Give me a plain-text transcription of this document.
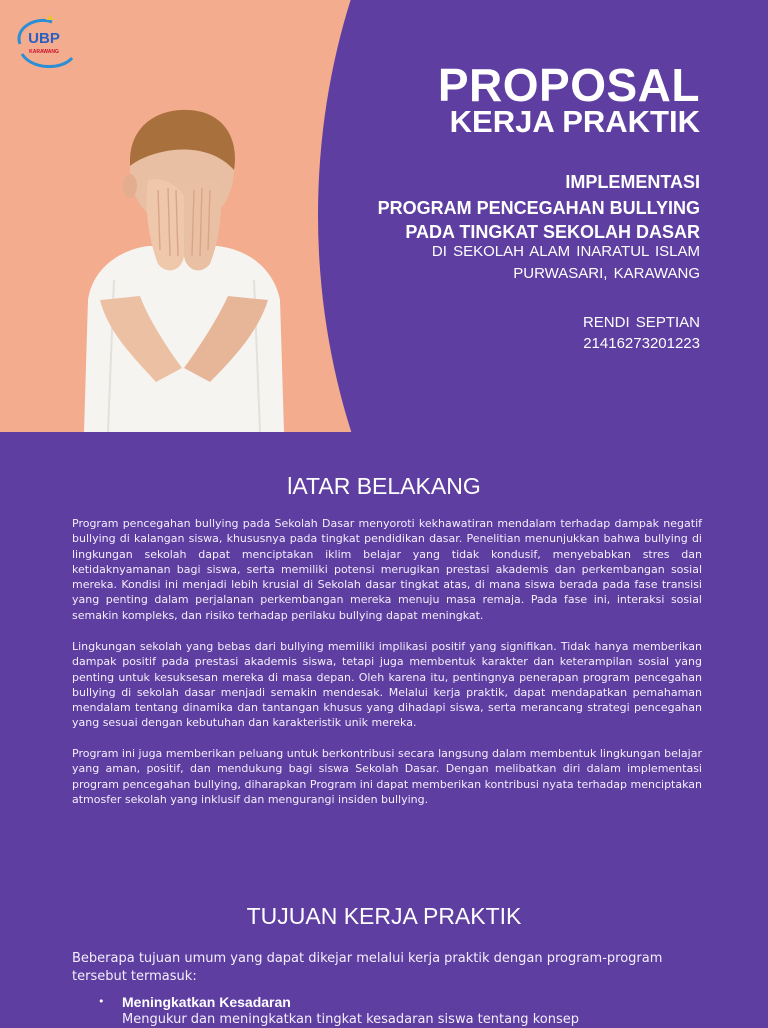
UBP
KARAWANG
PROPOSAL
KERJA PRAKTIK
IMPLEMENTASI
PROGRAM PENCEGAHAN BULLYING
PADA TINGKAT SEKOLAH DASAR
DI SEKOLAH ALAM INARATUL ISLAM
PURWASARI, KARAWANG
RENDI SEPTIAN
21416273201223
lATAR BELAKANG
Program pencegahan bullying pada Sekolah Dasar menyoroti kekhawatiran mendalam terhadap dampak negatif bullying di kalangan siswa, khususnya pada tingkat pendidikan dasar. Penelitian menunjukkan bahwa bullying di lingkungan sekolah dapat menciptakan iklim belajar yang tidak kondusif, menyebabkan stres dan ketidaknyamanan bagi siswa, serta memiliki potensi merugikan prestasi akademis dan perkembangan sosial mereka. Kondisi ini menjadi lebih krusial di Sekolah dasar tingkat atas, di mana siswa berada pada fase transisi yang penting dalam perjalanan perkembangan mereka menuju masa remaja. Pada fase ini, interaksi sosial semakin kompleks, dan risiko terhadap perilaku bullying dapat meningkat.
Lingkungan sekolah yang bebas dari bullying memiliki implikasi positif yang signifikan. Tidak hanya memberikan dampak positif pada prestasi akademis siswa, tetapi juga membentuk karakter dan keterampilan sosial yang penting untuk kesuksesan mereka di masa depan. Oleh karena itu, pentingnya penerapan program pencegahan bullying di sekolah dasar menjadi semakin mendesak. Melalui kerja praktik, dapat mendapatkan pemahaman mendalam tentang dinamika dan tantangan khusus yang dihadapi siswa, serta merancang strategi pencegahan yang sesuai dengan kebutuhan dan karakteristik unik mereka.
Program ini juga memberikan peluang untuk berkontribusi secara langsung dalam membentuk lingkungan belajar yang aman, positif, dan mendukung bagi siswa Sekolah Dasar. Dengan melibatkan diri dalam implementasi program pencegahan bullying, diharapkan Program ini dapat memberikan kontribusi nyata terhadap menciptakan atmosfer sekolah yang inklusif dan mengurangi insiden bullying.
TUJUAN KERJA PRAKTIK
Beberapa tujuan umum yang dapat dikejar melalui kerja praktik dengan program-program tersebut termasuk:
• Meningkatkan Kesadaran
Mengukur dan meningkatkan tingkat kesadaran siswa tentang konsep
